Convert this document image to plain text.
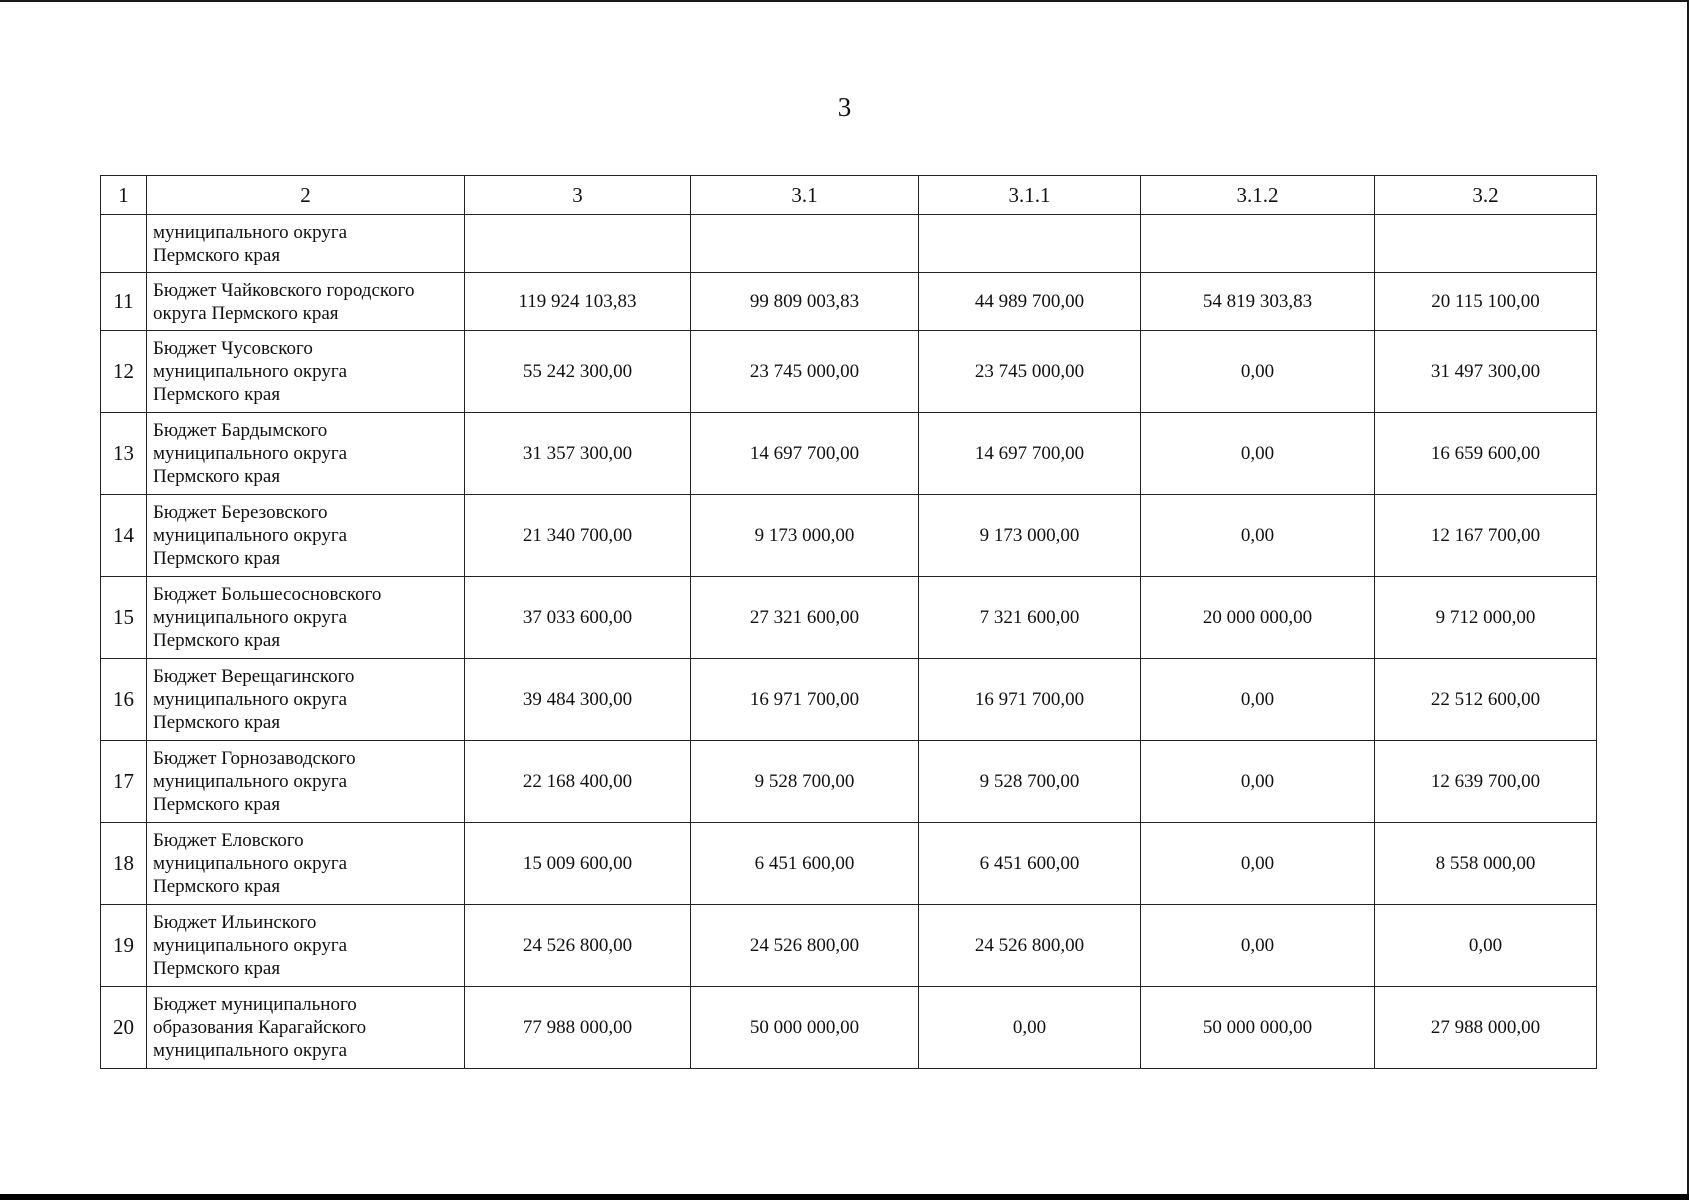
3
1	2	3	3.1	3.1.1	3.1.2	3.2

	муниципального округа
Пермского края					

11	Бюджет Чайковского городского
округа Пермского края	119 924 103,83	99 809 003,83	44 989 700,00	54 819 303,83	20 115 100,00
12	Бюджет Чусовского
муниципального округа
Пермского края	55 242 300,00	23 745 000,00	23 745 000,00	0,00	31 497 300,00
13	Бюджет Бардымского
муниципального округа
Пермского края	31 357 300,00	14 697 700,00	14 697 700,00	0,00	16 659 600,00
14	Бюджет Березовского
муниципального округа
Пермского края	21 340 700,00	9 173 000,00	9 173 000,00	0,00	12 167 700,00
15	Бюджет Большесосновского
муниципального округа
Пермского края	37 033 600,00	27 321 600,00	7 321 600,00	20 000 000,00	9 712 000,00
16	Бюджет Верещагинского
муниципального округа
Пермского края	39 484 300,00	16 971 700,00	16 971 700,00	0,00	22 512 600,00
17	Бюджет Горнозаводского
муниципального округа
Пермского края	22 168 400,00	9 528 700,00	9 528 700,00	0,00	12 639 700,00
18	Бюджет Еловского
муниципального округа
Пермского края	15 009 600,00	6 451 600,00	6 451 600,00	0,00	8 558 000,00
19	Бюджет Ильинского
муниципального округа
Пермского края	24 526 800,00	24 526 800,00	24 526 800,00	0,00	0,00
20	Бюджет муниципального
образования Карагайского
муниципального округа	77 988 000,00	50 000 000,00	0,00	50 000 000,00	27 988 000,00
